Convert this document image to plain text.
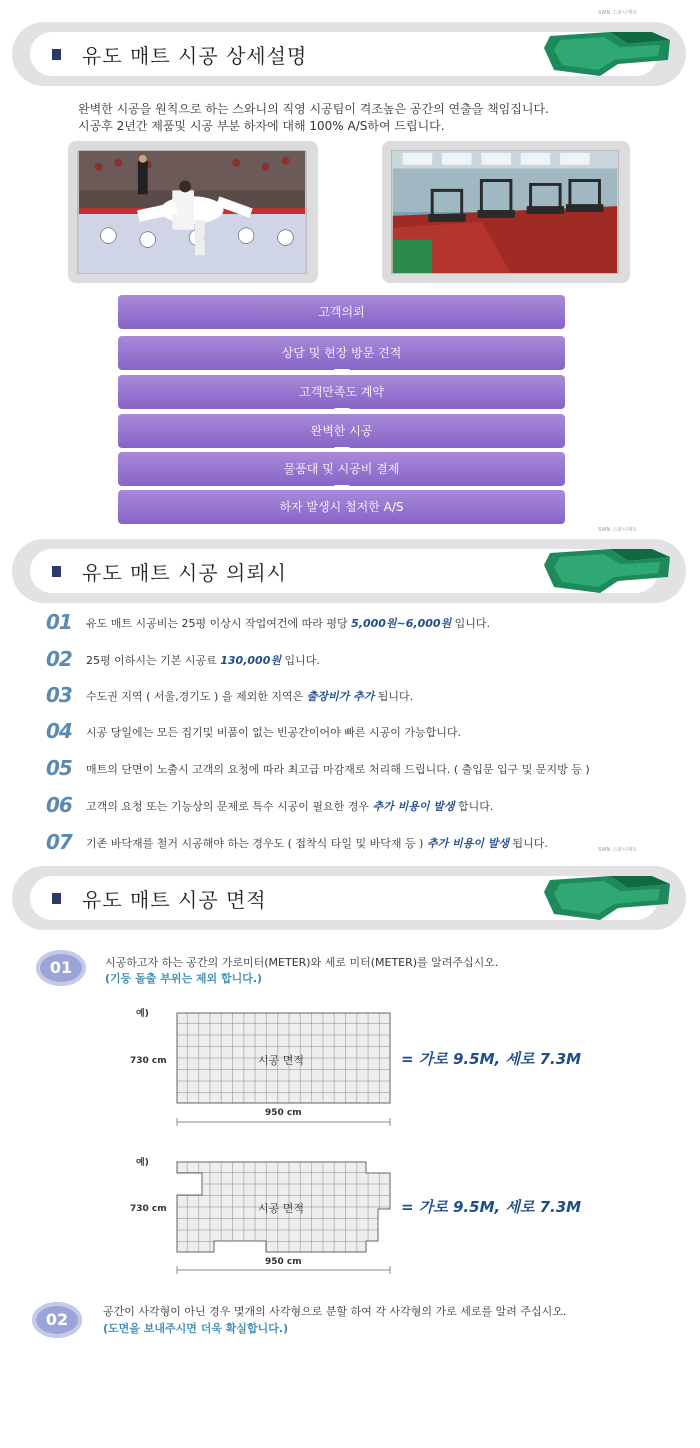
SWN 스와니매트
유도 매트 시공 상세설명
완벽한 시공을 원칙으로 하는 스와니의 직영 시공팀이 격조높은 공간의 연출을 책임집니다.
시공후 2년간 제품및 시공 부분 하자에 대해 100% A/S하여 드립니다.
고객의뢰
상담 및 현장 방문 견적
고객만족도 계약
완벽한 시공
물품대 및 시공비 결제
하자 발생시 철저한 A/S
SWN 스와니매트
유도 매트 시공 의뢰시
01 유도 매트 시공비는 25평 이상시 작업여건에 따라 평당 5,000원~6,000원 입니다.
02 25평 이하시는 기본 시공료 130,000원 입니다.
03 수도권 지역 ( 서울,경기도 ) 을 제외한 지역은 출장비가 추가 됩니다.
04 시공 당일에는 모든 집기및 비품이 없는 빈공간이어야 빠른 시공이 가능합니다.
05 매트의 단면이 노출시 고객의 요청에 따라 최고급 마감재로 처리해 드립니다. ( 출입문 입구 및 문지방 등 )
06 고객의 요청 또는 기능상의 문제로 특수 시공이 필요한 경우 추가 비용이 발생 합니다.
07 기존 바닥재를 철거 시공해야 하는 경우도 ( 접착식 타일 및 바닥재 등 ) 추가 비용이 발생 됩니다.	SWN 스와니매트
유도 매트 시공 면적
01	시공하고자 하는 공간의 가로미터(METER)와 세로 미터(METER)를 알려주십시오.
(기둥 돌출 부위는 제외 합니다.)
예)
730 cm	시공 면적
950 cm
= 가로 9.5M, 세로 7.3M
예)
730 cm	시공 면적
950 cm
= 가로 9.5M, 세로 7.3M
02	공간이 사각형이 아닌 경우 몇개의 사각형으로 분할 하여 각 사각형의 가로 세로를 알려 주십시오.
(도면을 보내주시면 더욱 확실합니다.)
